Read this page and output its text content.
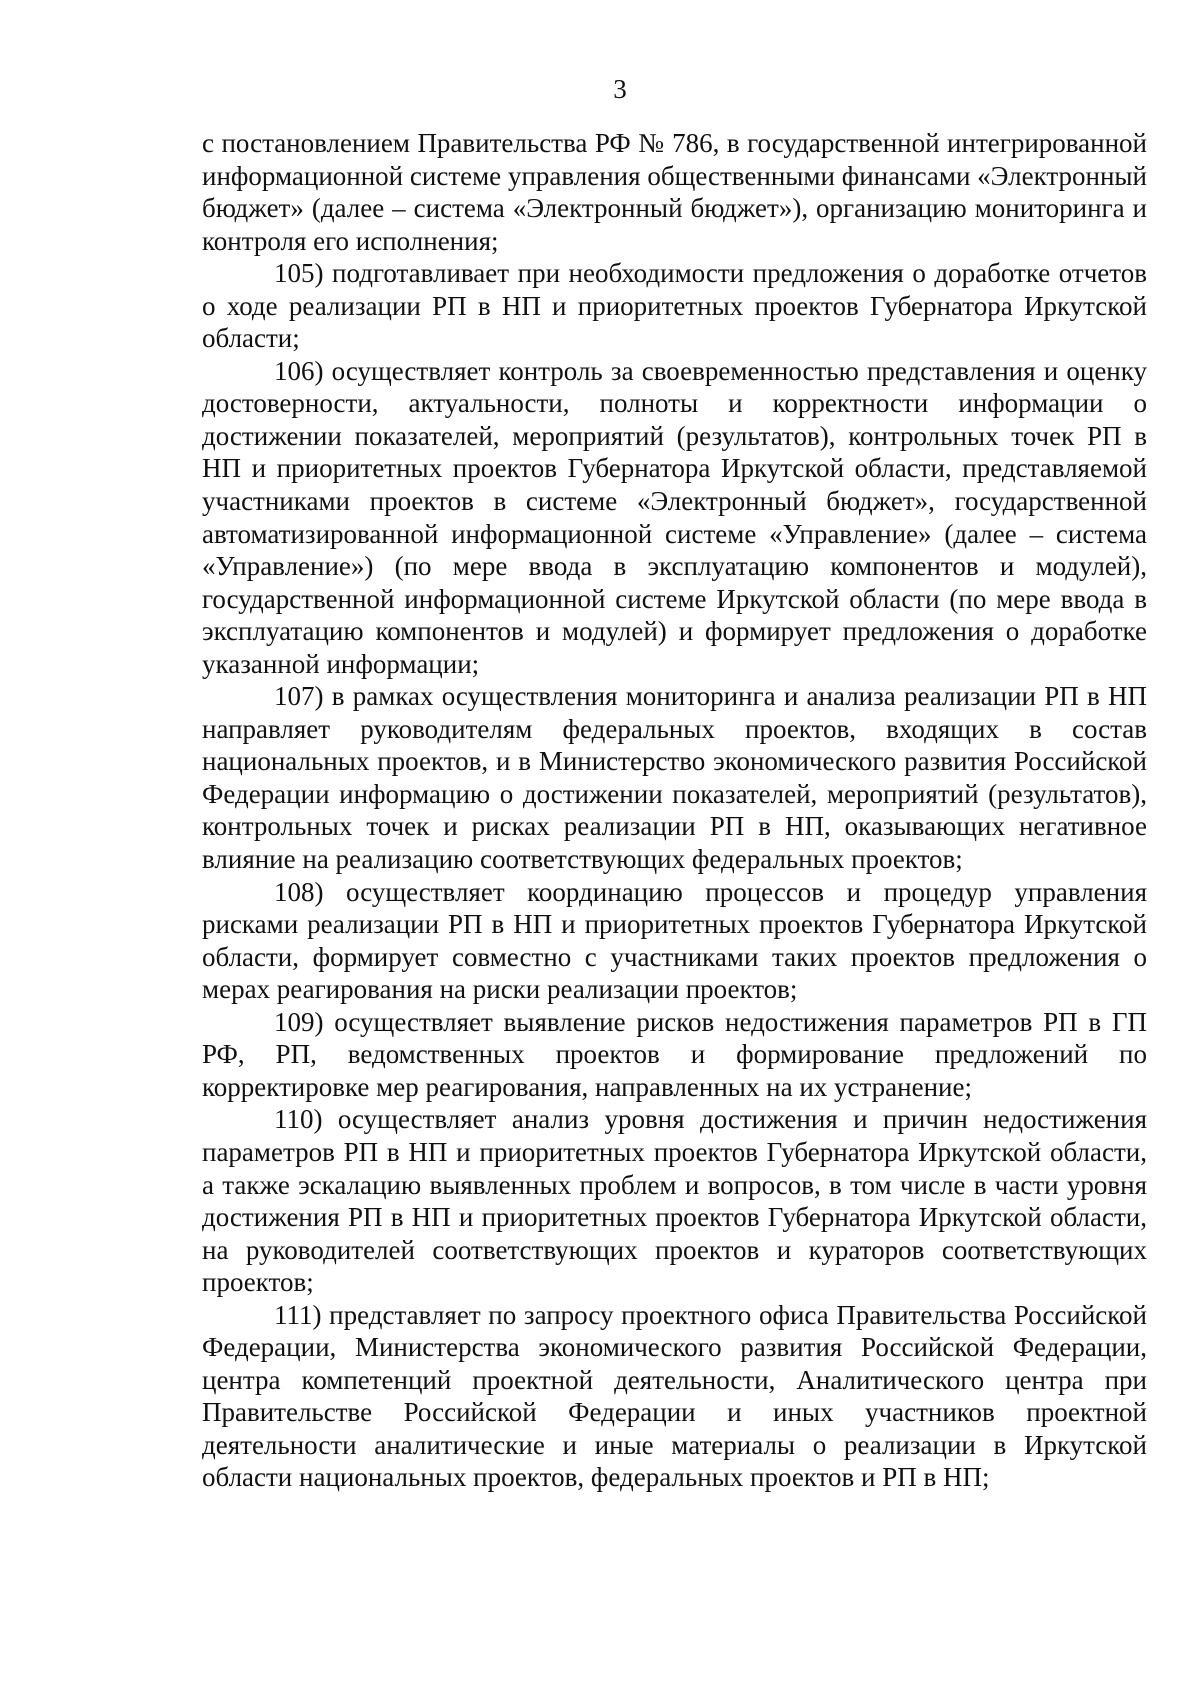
3

с постановлением Правительства РФ № 786, в государственной интегрированной информационной системе управления общественными финансами «Электронный бюджет» (далее – система «Электронный бюджет»), организацию мониторинга и контроля его исполнения;

105) подготавливает при необходимости предложения о доработке отчетов о ходе реализации РП в НП и приоритетных проектов Губернатора Иркутской области;

106) осуществляет контроль за своевременностью представления и оценку достоверности, актуальности, полноты и корректности информации о достижении показателей, мероприятий (результатов), контрольных точек РП в НП и приоритетных проектов Губернатора Иркутской области, представляемой участниками проектов в системе «Электронный бюджет», государственной автоматизированной информационной системе «Управление» (далее – система «Управление») (по мере ввода в эксплуатацию компонентов и модулей), государственной информационной системе Иркутской области (по мере ввода в эксплуатацию компонентов и модулей) и формирует предложения о доработке указанной информации;

107) в рамках осуществления мониторинга и анализа реализации РП в НП направляет руководителям федеральных проектов, входящих в состав национальных проектов, и в Министерство экономического развития Российской Федерации информацию о достижении показателей, мероприятий (результатов), контрольных точек и рисках реализации РП в НП, оказывающих негативное влияние на реализацию соответствующих федеральных проектов;

108) осуществляет координацию процессов и процедур управления рисками реализации РП в НП и приоритетных проектов Губернатора Иркутской области, формирует совместно с участниками таких проектов предложения о мерах реагирования на риски реализации проектов;

109) осуществляет выявление рисков недостижения параметров РП в ГП РФ, РП, ведомственных проектов и формирование предложений по корректировке мер реагирования, направленных на их устранение;

110) осуществляет анализ уровня достижения и причин недостижения параметров РП в НП и приоритетных проектов Губернатора Иркутской области, а также эскалацию выявленных проблем и вопросов, в том числе в части уровня достижения РП в НП и приоритетных проектов Губернатора Иркутской области, на руководителей соответствующих проектов и кураторов соответствующих проектов;

111) представляет по запросу проектного офиса Правительства Российской Федерации, Министерства экономического развития Российской Федерации, центра компетенций проектной деятельности, Аналитического центра при Правительстве Российской Федерации и иных участников проектной деятельности аналитические и иные материалы о реализации в Иркутской области национальных проектов, федеральных проектов и РП в НП;
